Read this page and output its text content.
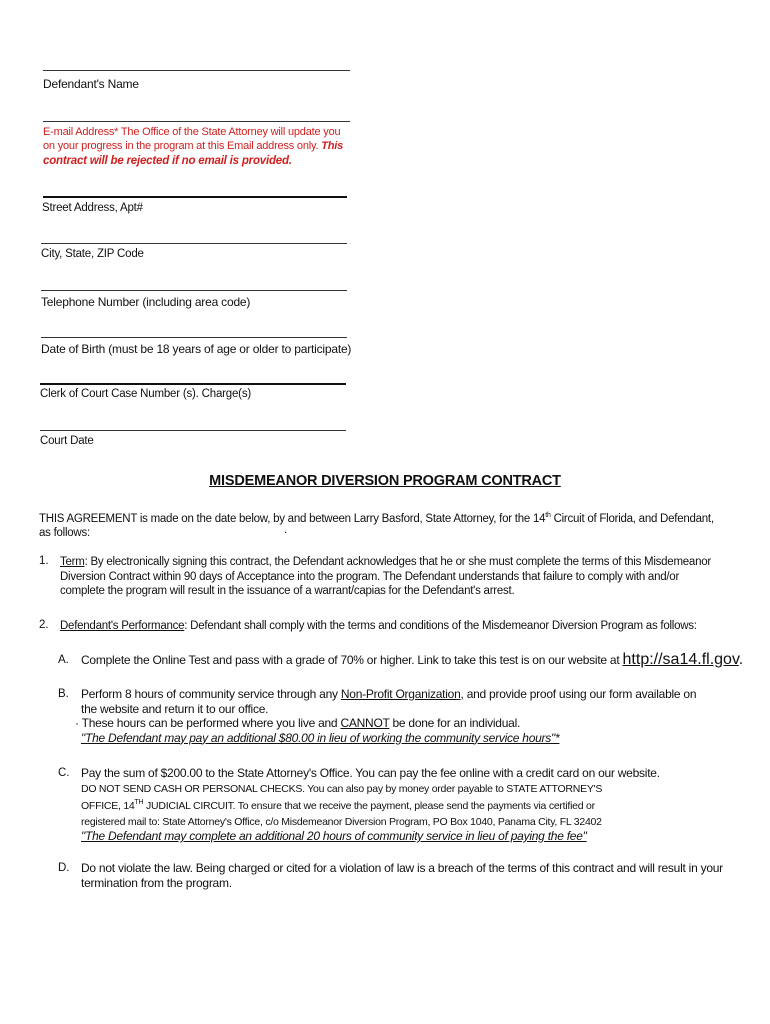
Defendant's Name
E-mail Address* The Office of the State Attorney will update you
on your progress in the program at this Email address only. This
contract will be rejected if no email is provided.
Street Address, Apt#
City, State, ZIP Code
Telephone Number (including area code)
Date of Birth (must be 18 years of age or older to participate)
Clerk of Court Case Number (s). Charge(s)
Court Date
MISDEMEANOR DIVERSION PROGRAM CONTRACT
THIS AGREEMENT is made on the date below, by and between Larry Basford, State Attorney, for the 14th Circuit of Florida, and Defendant,
as follows:	.
1. Term: By electronically signing this contract, the Defendant acknowledges that he or she must complete the terms of this Misdemeanor
Diversion Contract within 90 days of Acceptance into the program. The Defendant understands that failure to comply with and/or
complete the program will result in the issuance of a warrant/capias for the Defendant's arrest.
2. Defendant's Performance: Defendant shall comply with the terms and conditions of the Misdemeanor Diversion Program as follows:
A. Complete the Online Test and pass with a grade of 70% or higher. Link to take this test is on our website at http://sa14.fl.gov.
B. Perform 8 hours of community service through any Non-Profit Organization, and provide proof using our form available on
the website and return it to our office.
· These hours can be performed where you live and CANNOT be done for an individual.
"The Defendant may pay an additional $80.00 in lieu of working the community service hours"*
C. Pay the sum of $200.00 to the State Attorney's Office. You can pay the fee online with a credit card on our website.
DO NOT SEND CASH OR PERSONAL CHECKS. You can also pay by money order payable to STATE ATTORNEY'S
OFFICE, 14TH JUDICIAL CIRCUIT. To ensure that we receive the payment, please send the payments via certified or
registered mail to: State Attorney's Office, c/o Misdemeanor Diversion Program, PO Box 1040, Panama City, FL 32402
"The Defendant may complete an additional 20 hours of community service in lieu of paying the fee"
D. Do not violate the law. Being charged or cited for a violation of law is a breach of the terms of this contract and will result in your
termination from the program.
